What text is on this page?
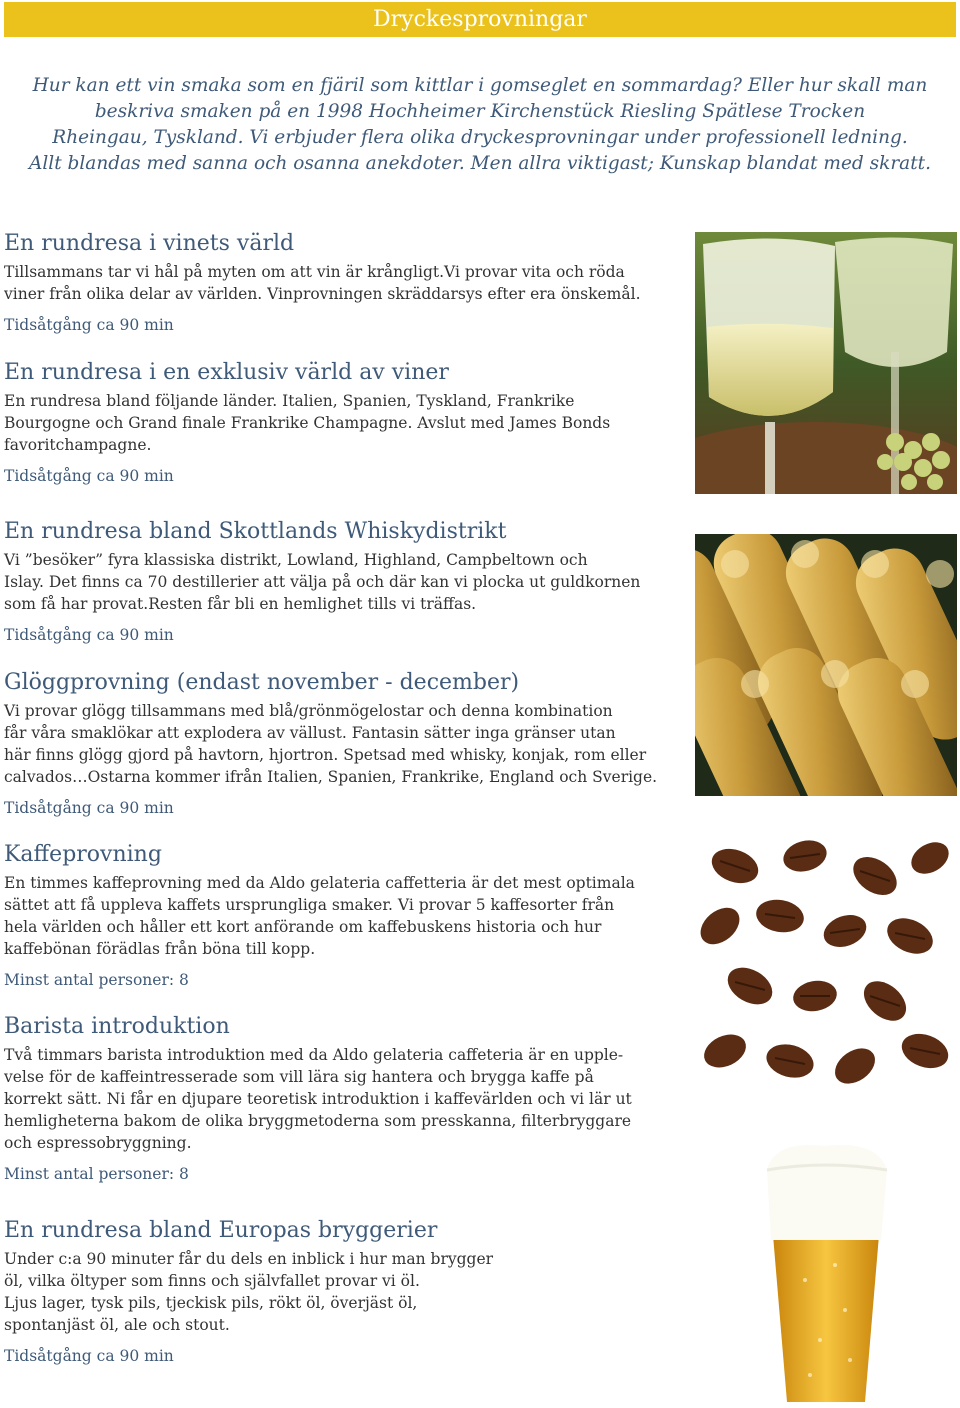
Dryckesprovningar

Hur kan ett vin smaka som en fjäril som kittlar i gomseglet en sommardag? Eller hur skall man

beskriva smaken på en 1998 Hochheimer Kirchenstück Riesling Spätlese Trocken

Rheingau, Tyskland. Vi erbjuder flera olika dryckesprovningar under professionell ledning.

Allt blandas med sanna och osanna anekdoter. Men allra viktigast; Kunskap blandat med skratt.

En rundresa i vinets värld
Tillsammans tar vi hål på myten om att vin är krångligt.Vi provar vita och röda
viner från olika delar av världen. Vinprovningen skräddarsys efter era önskemål.
Tidsåtgång ca 90 min
En rundresa i en exklusiv värld av viner
En rundresa bland följande länder. Italien, Spanien, Tyskland, Frankrike
Bourgogne och Grand finale Frankrike Champagne. Avslut med James Bonds
favoritchampagne.
Tidsåtgång ca 90 min
En rundresa bland Skottlands Whiskydistrikt
Vi ”besöker” fyra klassiska distrikt, Lowland, Highland, Campbeltown och
Islay. Det finns ca 70 destillerier att välja på och där kan vi plocka ut guldkornen
som få har provat.Resten får bli en hemlighet tills vi träffas.
Tidsåtgång ca 90 min
Glöggprovning (endast november - december)
Vi provar glögg tillsammans med blå/grönmögelostar och denna kombination
får våra smaklökar att explodera av vällust. Fantasin sätter inga gränser utan
här finns glögg gjord på havtorn, hjortron. Spetsad med whisky, konjak, rom eller
calvados…Ostarna kommer ifrån Italien, Spanien, Frankrike, England och Sverige.
Tidsåtgång ca 90 min
Kaffeprovning
En timmes kaffeprovning med da Aldo gelateria caffetteria är det mest optimala
sättet att få uppleva kaffets ursprungliga smaker. Vi provar 5 kaffesorter från
hela världen och håller ett kort anförande om kaffebuskens historia och hur
kaffebönan förädlas från böna till kopp.
Minst antal personer: 8
Barista introduktion
Två timmars barista introduktion med da Aldo gelateria caffeteria är en upple-
velse för de kaffeintresserade som vill lära sig hantera och brygga kaffe på
korrekt sätt. Ni får en djupare teoretisk introduktion i kaffevärlden och vi lär ut
hemligheterna bakom de olika bryggmetoderna som presskanna, filterbryggare
och espressobryggning.
Minst antal personer: 8
En rundresa bland Europas bryggerier
Under c:a 90 minuter får du dels en inblick i hur man brygger
öl, vilka öltyper som finns och självfallet provar vi öl.
Ljus lager, tysk pils, tjeckisk pils, rökt öl, överjäst öl,
spontanjäst öl, ale och stout.
Tidsåtgång ca 90 min
